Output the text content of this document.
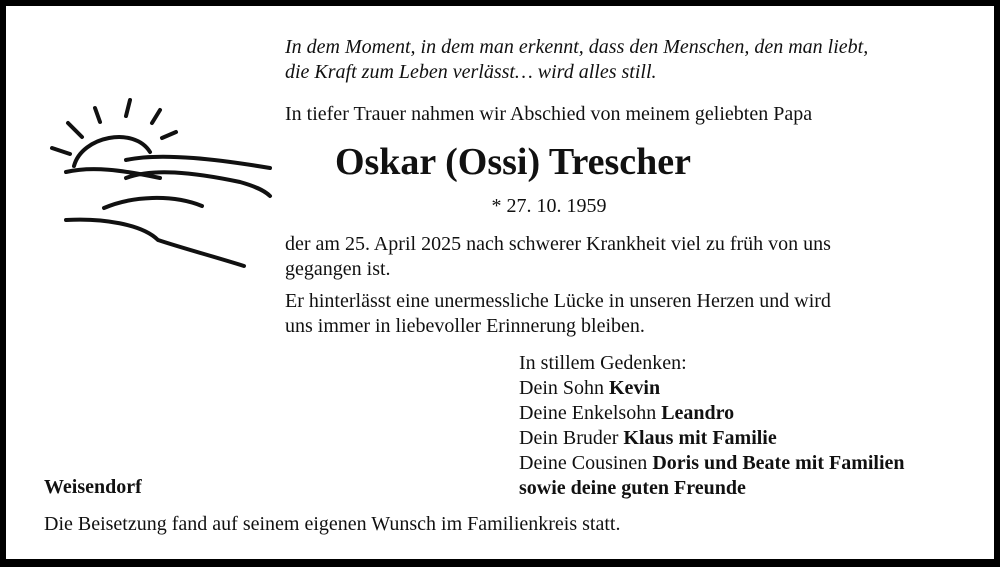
In dem Moment, in dem man erkennt, dass den Menschen, den man liebt,
die Kraft zum Leben verlässt… wird alles still.
In tiefer Trauer nahmen wir Abschied von meinem geliebten Papa
Oskar (Ossi) Trescher
* 27. 10. 1959
der am 25. April 2025 nach schwerer Krankheit viel zu früh von uns
gegangen ist.
Er hinterlässt eine unermessliche Lücke in unseren Herzen und wird
uns immer in liebevoller Erinnerung bleiben.
In stillem Gedenken:
Dein Sohn Kevin
Deine Enkelsohn Leandro
Dein Bruder Klaus mit Familie
Deine Cousinen Doris und Beate mit Familien
sowie deine guten Freunde
Weisendorf
Die Beisetzung fand auf seinem eigenen Wunsch im Familienkreis statt.
